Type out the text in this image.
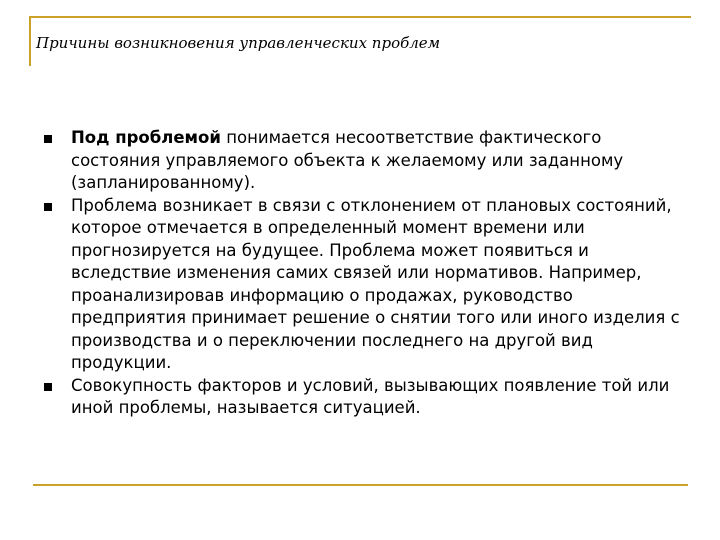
Причины возникновения управленческих проблем
Под проблемой понимается несоответствие фактического состояния управляемого объекта к желаемому или заданному (запланированному).
Проблема возникает в связи с отклонением от плановых состояний, которое отмечается в определенный момент времени или прогнозируется на будущее. Проблема может появиться и вследствие изменения самих связей или нормативов. Например, проанализировав информацию о продажах, руководство предприятия принимает решение о снятии того или иного изделия с производства и о переключении последнего на другой вид продукции.
Совокупность факторов и условий, вызывающих появление той или иной проблемы, называется ситуацией.
